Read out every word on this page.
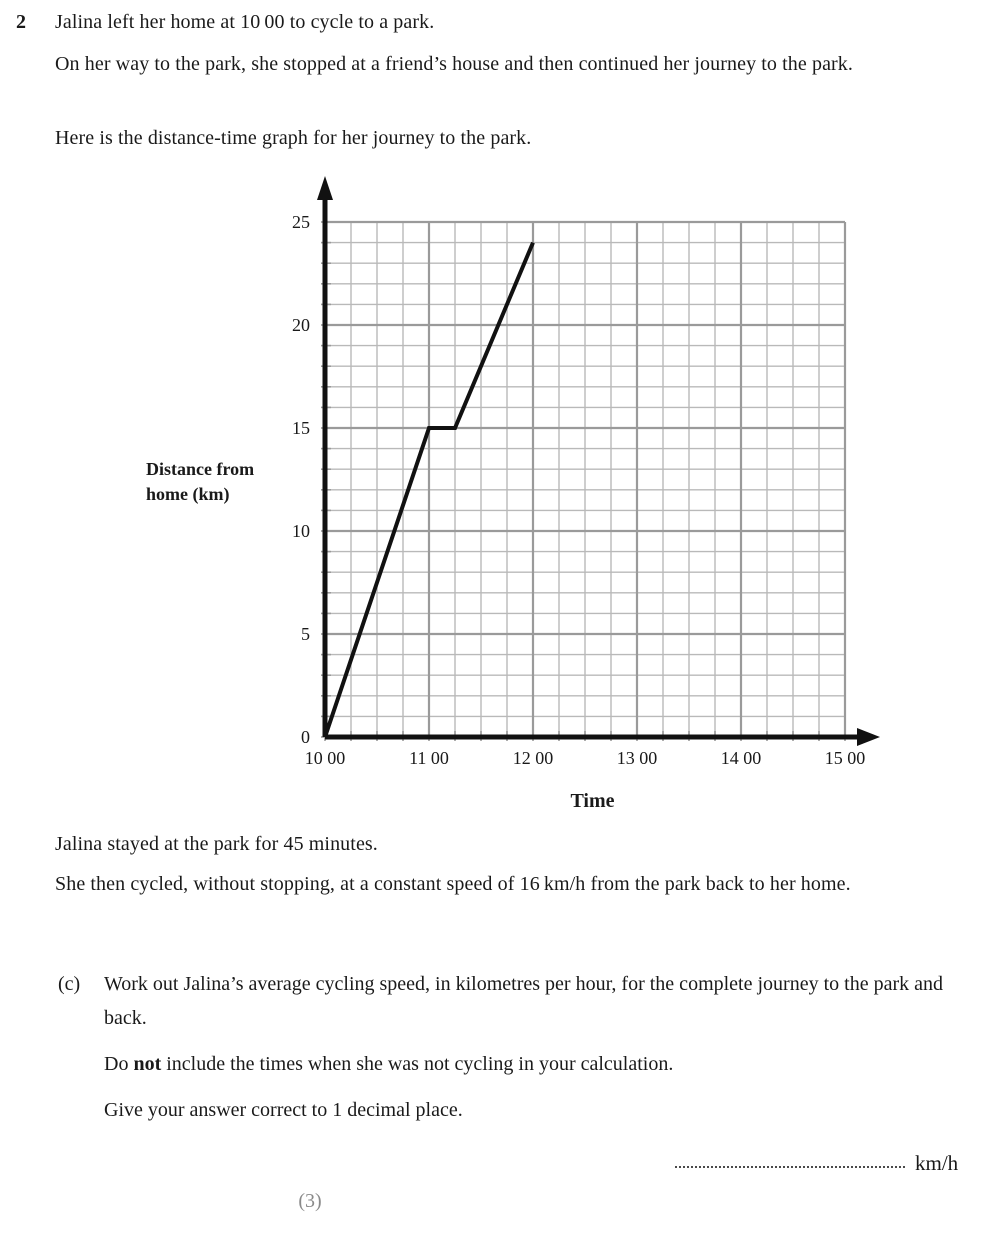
2 Jalina left her home at 10 00 to cycle to a park.
On her way to the park, she stopped at a friend’s house and then continued her journey to the park.
Here is the distance-time graph for her journey to the park.
Distance from
home (km)
Time
25
20
15
10
5
0
10 00	11 00	12 00	13 00	14 00	15 00
Jalina stayed at the park for 45 minutes.
She then cycled, without stopping, at a constant speed of 16 km/h from the park back to her home.
(c)	Work out Jalina’s average cycling speed, in kilometres per hour, for the complete journey to the park and back.
Do not include the times when she was not cycling in your calculation.
Give your answer correct to 1 decimal place.
km/h
(3)
